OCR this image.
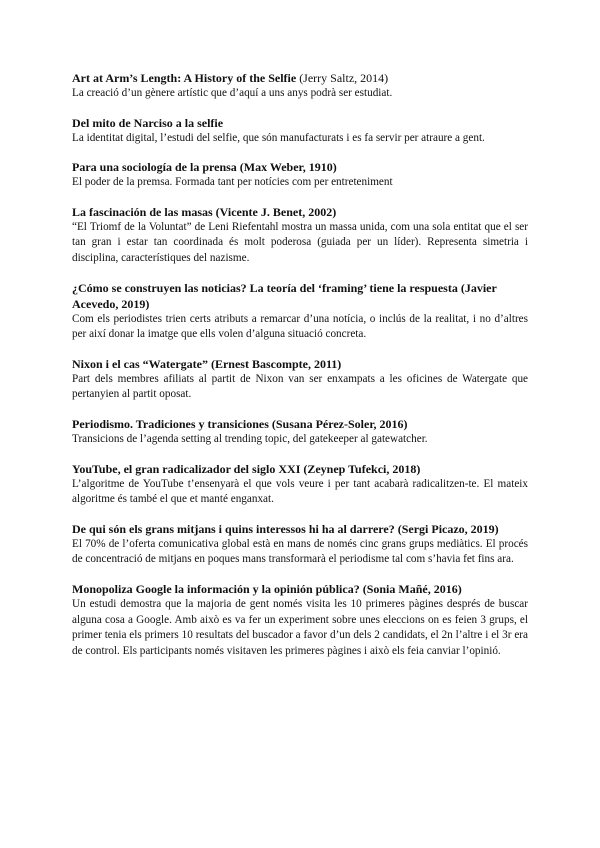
Art at Arm’s Length: A History of the Selfie (Jerry Saltz, 2014)

La creació d’un gènere artístic que d’aquí a uns anys podrà ser estudiat.

Del mito de Narciso a la selfie

La identitat digital, l’estudi del selfie, que són manufacturats i es fa servir per atraure a gent.

Para una sociología de la prensa (Max Weber, 1910)

El poder de la premsa. Formada tant per notícies com per entreteniment

La fascinación de las masas (Vicente J. Benet, 2002)

“El Triomf de la Voluntat” de Leni Riefentahl mostra un massa unida, com una sola entitat que el ser tan gran i estar tan coordinada és molt poderosa (guiada per un líder). Representa simetria i disciplina, característiques del nazisme.

¿Cómo se construyen las noticias? La teoría del ‘framing’ tiene la respuesta (Javier Acevedo, 2019)

Com els periodistes trien certs atributs a remarcar d’una notícia, o inclús de la realitat, i no d’altres per així donar la imatge que ells volen d’alguna situació concreta.

Nixon i el cas “Watergate” (Ernest Bascompte, 2011)

Part dels membres afiliats al partit de Nixon van ser enxampats a les oficines de Watergate que pertanyien al partit oposat.

Periodismo. Tradiciones y transiciones (Susana Pérez-Soler, 2016)

Transicions de l’agenda setting al trending topic, del gatekeeper al gatewatcher.

YouTube, el gran radicalizador del siglo XXI (Zeynep Tufekci, 2018)

L’algoritme de YouTube t’ensenyarà el que vols veure i per tant acabarà radicalitzen-te. El mateix algoritme és també el que et manté enganxat.

De qui són els grans mitjans i quins interessos hi ha al darrere? (Sergi Picazo, 2019)

El 70% de l’oferta comunicativa global està en mans de només cinc grans grups mediàtics. El procés de concentració de mitjans en poques mans transformarà el periodisme tal com s’havia fet fins ara.

Monopoliza Google la información y la opinión pública? (Sonia Mañé, 2016)

Un estudi demostra que la majoria de gent només visita les 10 primeres pàgines després de buscar alguna cosa a Google. Amb això es va fer un experiment sobre unes eleccions on es feien 3 grups, el primer tenia els primers 10 resultats del buscador a favor d’un dels 2 candidats, el 2n l’altre i el 3r era de control. Els participants només visitaven les primeres pàgines i això els feia canviar l’opinió.
